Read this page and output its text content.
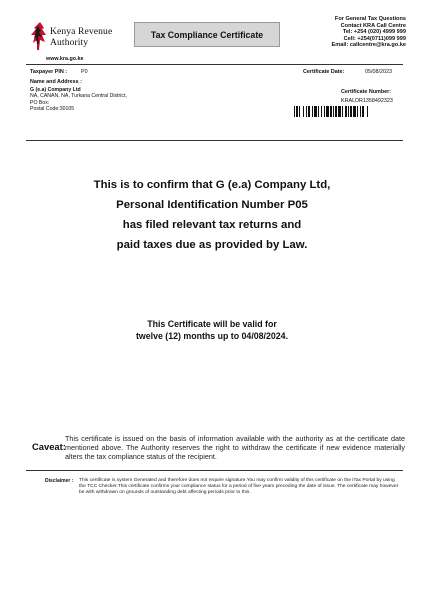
Kenya Revenue
Authority
Tax Compliance Certificate
For General Tax Questions
Contact KRA Call Centre
Tel: +254 (020) 4999 999
Cell: +254(0711)099 999
Email: callcentre@kra.go.ke
www.kra.go.ke
Taxpayer PIN :	P0	Certificate Date:	05/08/2023
Name and Address :
Certificate Number:
KRALDR1358492323
G (e.a) Company Ltd
NA, CANAN, NA, Turkana Central District,
PO Box:
Postal Code:30105
This is to confirm that G (e.a) Company Ltd,
Personal Identification Number P05
has filed relevant tax returns and
paid taxes due as provided by Law.
This Certificate will be valid for
twelve (12) months up to 04/08/2024.
Caveat:
This certificate is issued on the basis of information available with the authority as at the certificate date mentioned above. The Authority reserves the right to withdraw the certificate if new evidence materially alters the tax compliance status of the recipient.
Disclaimer : This certificate is system Generated and therefore does not require signature.You may confirm validity of this certificate on the iTax Portal by using the TCC Checker.This certificate confirms your compliance status for a period of five years preceding the date of issue. The certificate may however be with withdrawn on grounds of outstanding debt affecting periods prior to this.
